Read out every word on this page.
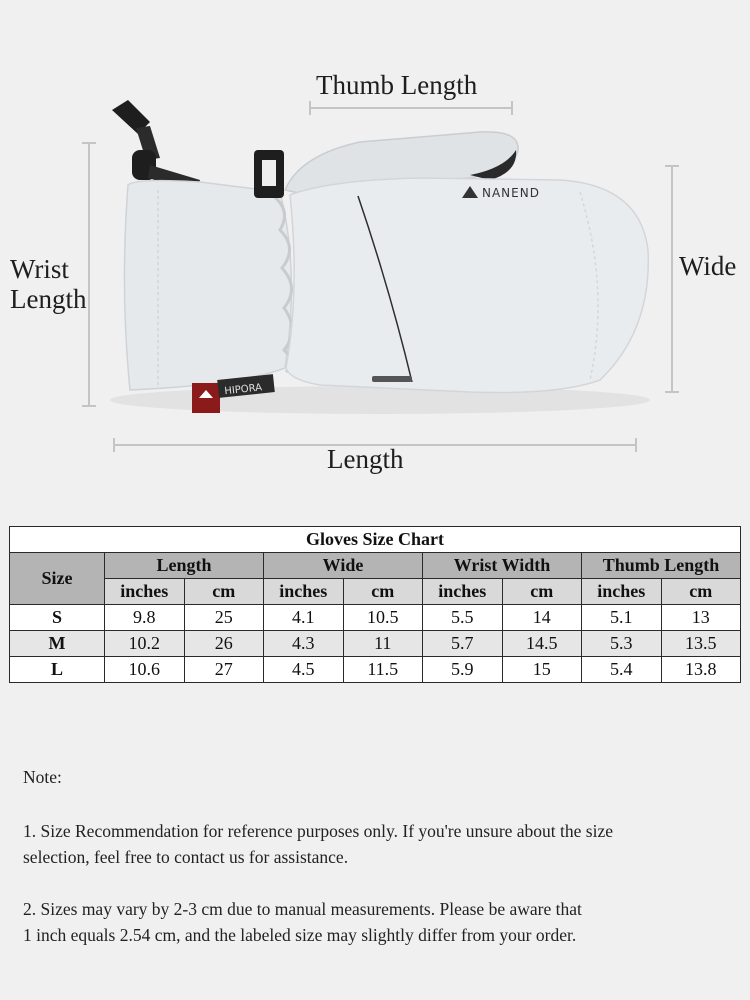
NANEND
HIPORA
Thumb Length
Wrist
Length
Wide
Length
Gloves Size Chart								
Size	Length		Wide		Wrist Width		Thumb Length	
	inches	cm	inches	cm	inches	cm	inches	cm
S	9.8	25	4.1	10.5	5.5	14	5.1	13
M	10.2	26	4.3	11	5.7	14.5	5.3	13.5
L	10.6	27	4.5	11.5	5.9	15	5.4	13.8

Note:

1. Size Recommendation for reference purposes only. If you're unsure about the size
selection, feel free to contact us for assistance.

2. Sizes may vary by 2-3 cm due to manual measurements. Please be aware that
1 inch equals 2.54 cm, and the labeled size may slightly differ from your order.
